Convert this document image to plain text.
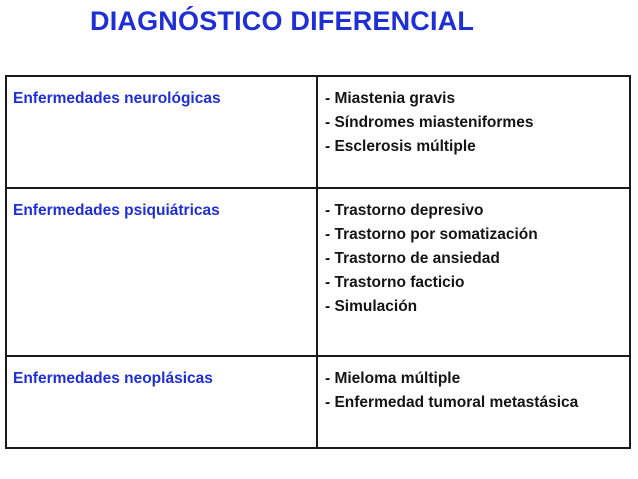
DIAGNÓSTICO DIFERENCIAL
Enfermedades neurológicas	- Miastenia gravis
- Síndromes miasteniformes
- Esclerosis múltiple

Enfermedades psiquiátricas	- Trastorno depresivo
- Trastorno por somatización
- Trastorno de ansiedad
- Trastorno facticio
- Simulación

Enfermedades neoplásicas	- Mieloma múltiple
- Enfermedad tumoral metastásica
